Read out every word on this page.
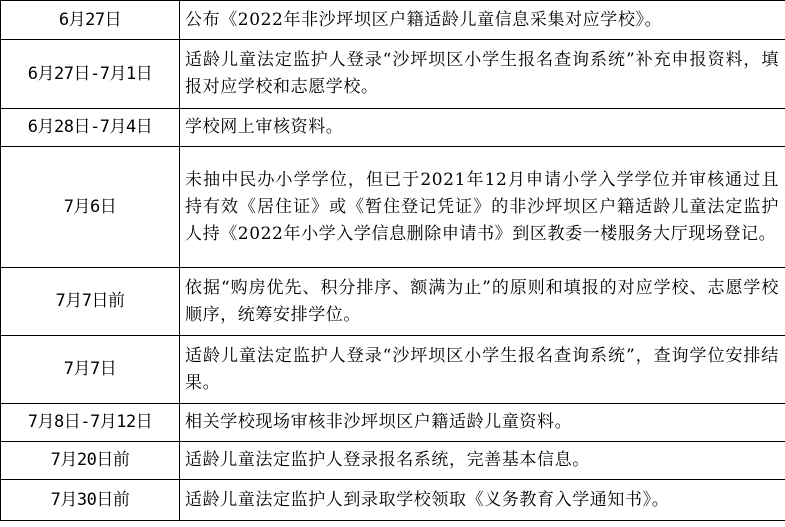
6月27日	公布《2022年非沙坪坝区户籍适龄儿童信息采集对应学校》。
6月27日-7月1日	适龄儿童法定监护人登录“沙坪坝区小学生报名查询系统”补充申报资料，填报对应学校和志愿学校。
6月28日-7月4日	学校网上审核资料。
7月6日	未抽中民办小学学位，但已于2021年12月申请小学入学学位并审核通过且持有效《居住证》或《暂住登记凭证》的非沙坪坝区户籍适龄儿童法定监护人持《2022年小学入学信息删除申请书》到区教委一楼服务大厅现场登记。
7月7日前	依据“购房优先、积分排序、额满为止”的原则和填报的对应学校、志愿学校顺序，统筹安排学位。
7月7日	适龄儿童法定监护人登录“沙坪坝区小学生报名查询系统”，查询学位安排结果。
7月8日-7月12日	相关学校现场审核非沙坪坝区户籍适龄儿童资料。
7月20日前	适龄儿童法定监护人登录报名系统，完善基本信息。
7月30日前	适龄儿童法定监护人到录取学校领取《义务教育入学通知书》。
